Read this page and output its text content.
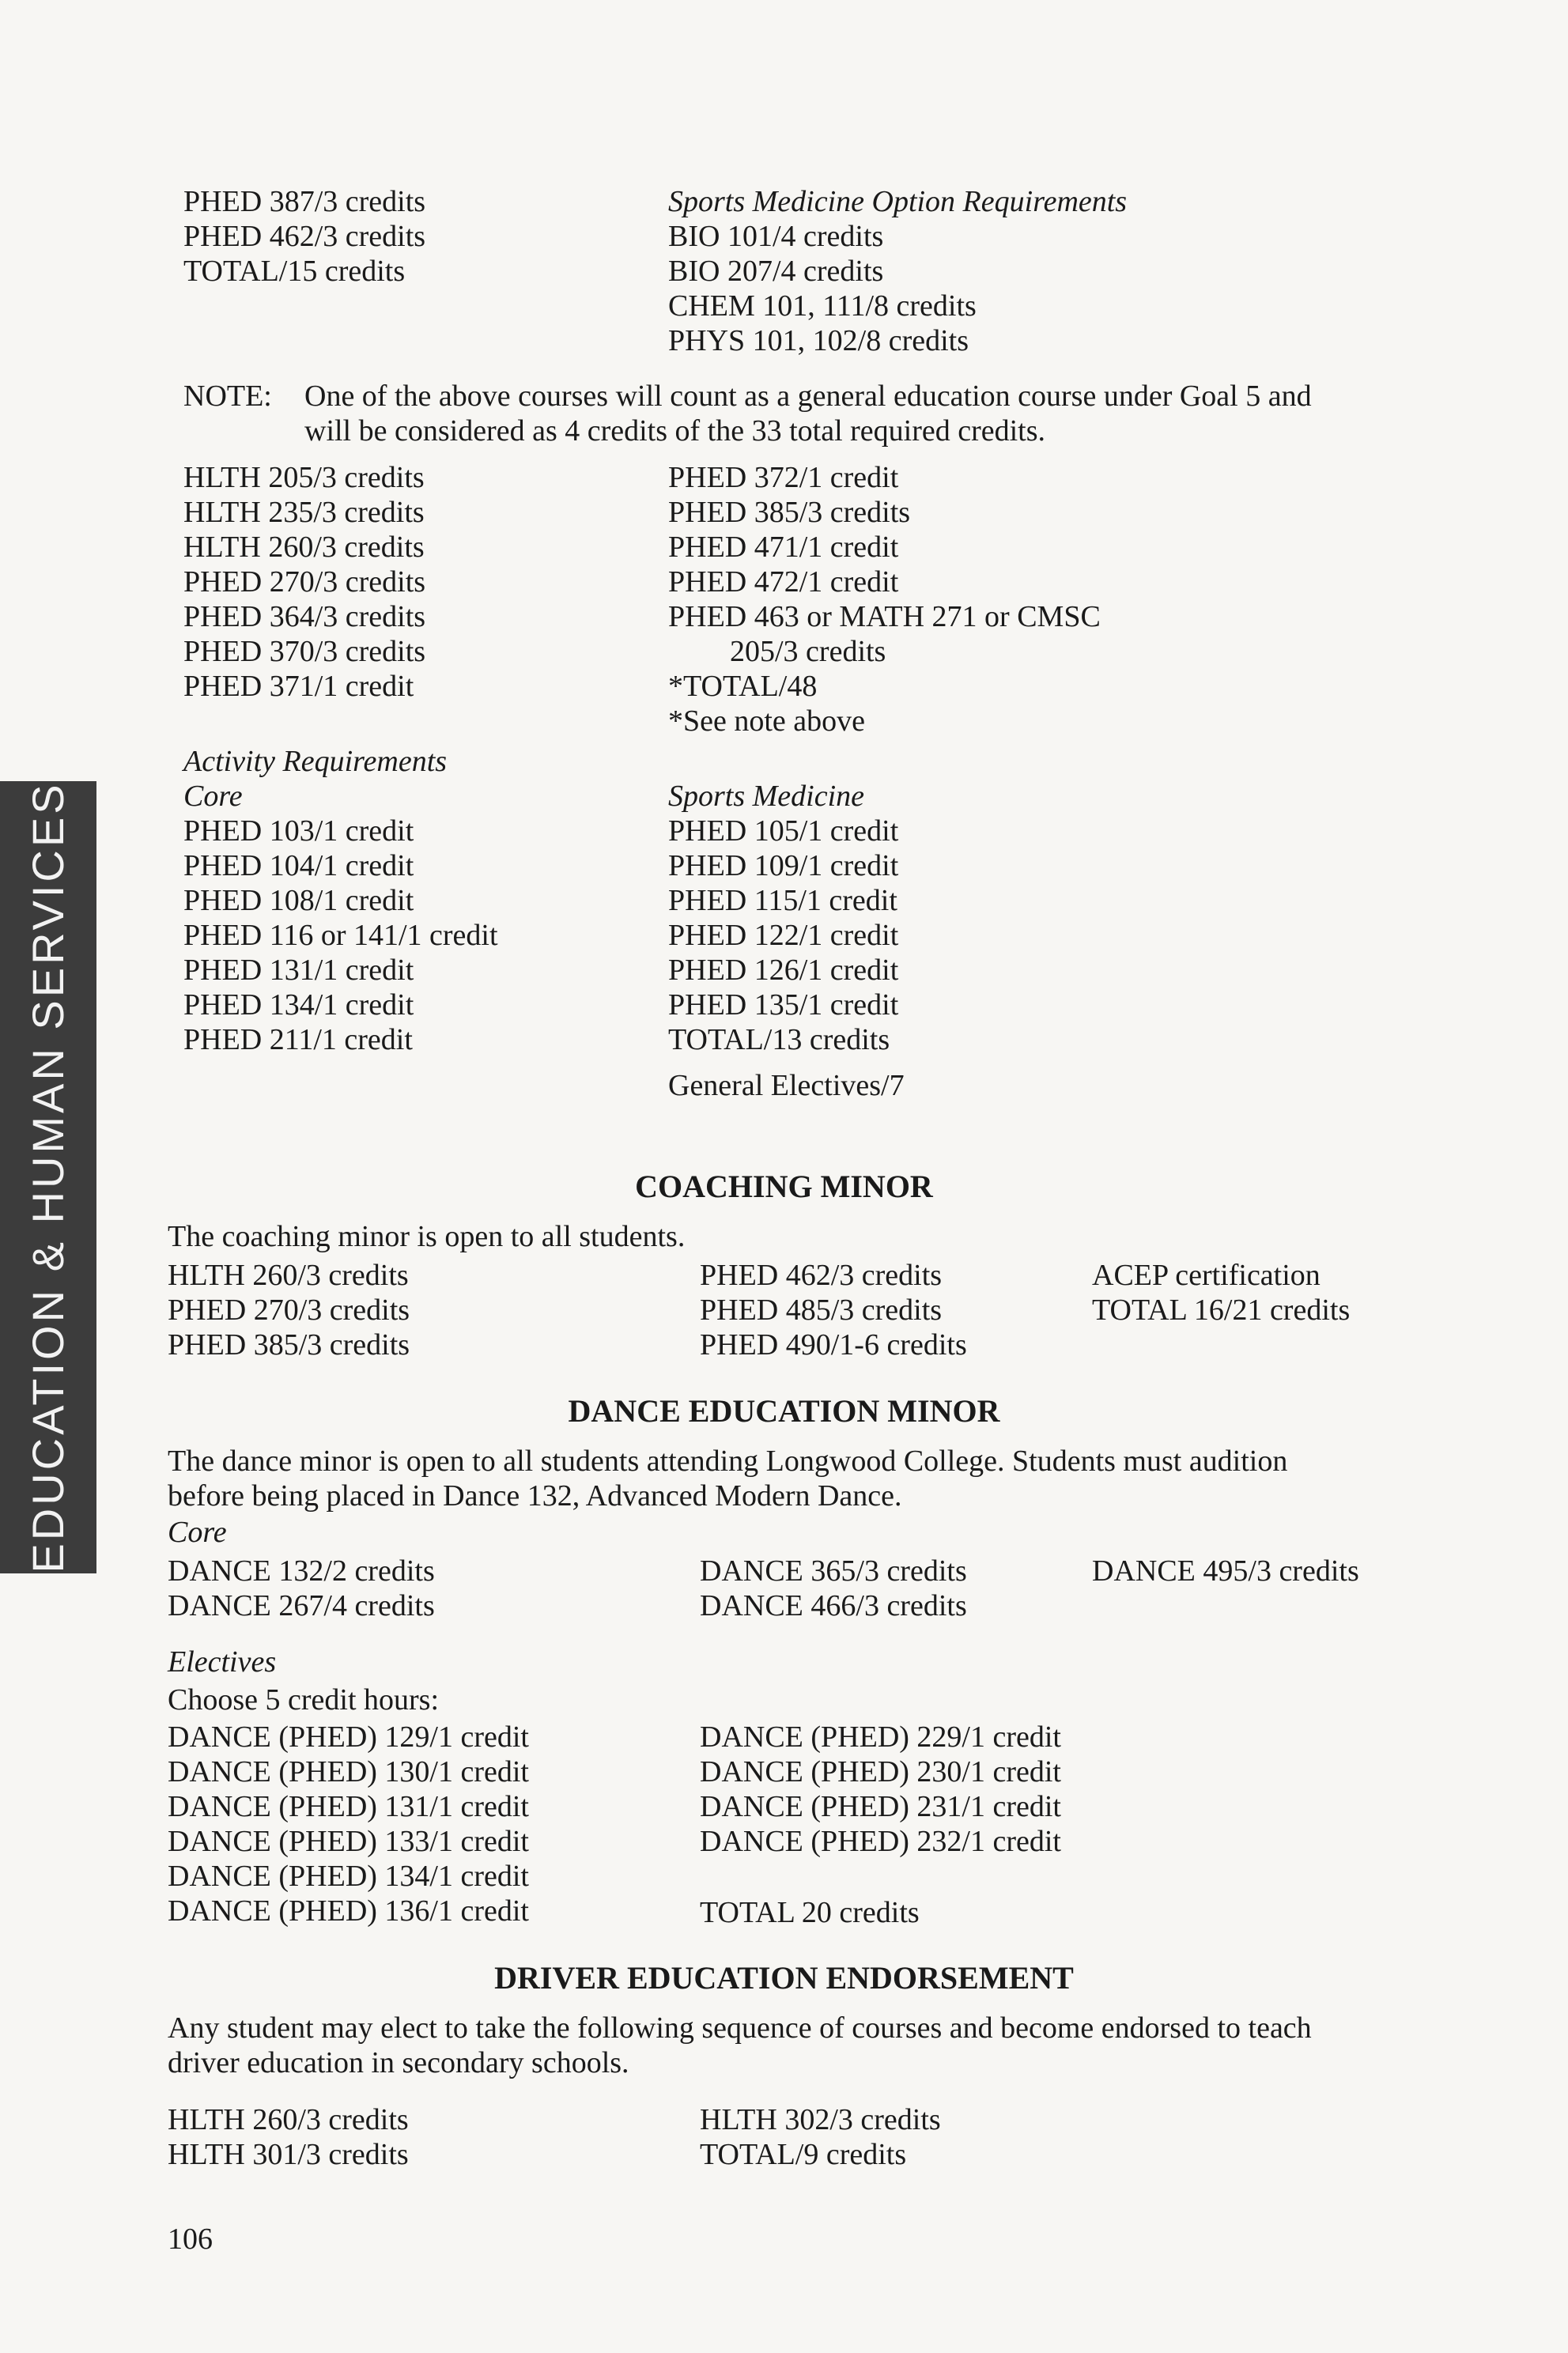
EDUCATION & HUMAN SERVICES
PHED 387/3 credits
PHED 462/3 credits
TOTAL/15 credits
Sports Medicine Option Requirements
BIO 101/4 credits
BIO 207/4 credits
CHEM 101, 111/8 credits
PHYS 101, 102/8 credits
NOTE: One of the above courses will count as a general education course under Goal 5 and
will be considered as 4 credits of the 33 total required credits.
HLTH 205/3 credits
HLTH 235/3 credits
HLTH 260/3 credits
PHED 270/3 credits
PHED 364/3 credits
PHED 370/3 credits
PHED 371/1 credit
PHED 372/1 credit
PHED 385/3 credits
PHED 471/1 credit
PHED 472/1 credit
PHED 463 or MATH 271 or CMSC
205/3 credits
*TOTAL/48
*See note above
Activity Requirements
Core
PHED 103/1 credit
PHED 104/1 credit
PHED 108/1 credit
PHED 116 or 141/1 credit
PHED 131/1 credit
PHED 134/1 credit
PHED 211/1 credit
Sports Medicine
PHED 105/1 credit
PHED 109/1 credit
PHED 115/1 credit
PHED 122/1 credit
PHED 126/1 credit
PHED 135/1 credit
TOTAL/13 credits
General Electives/7
COACHING MINOR
The coaching minor is open to all students.
HLTH 260/3 credits
PHED 270/3 credits
PHED 385/3 credits
PHED 462/3 credits
PHED 485/3 credits
PHED 490/1-6 credits
ACEP certification
TOTAL 16/21 credits
DANCE EDUCATION MINOR
The dance minor is open to all students attending Longwood College. Students must audition
before being placed in Dance 132, Advanced Modern Dance.
Core
DANCE 132/2 credits
DANCE 267/4 credits
DANCE 365/3 credits
DANCE 466/3 credits
DANCE 495/3 credits
Electives
Choose 5 credit hours:
DANCE (PHED) 129/1 credit
DANCE (PHED) 130/1 credit
DANCE (PHED) 131/1 credit
DANCE (PHED) 133/1 credit
DANCE (PHED) 134/1 credit
DANCE (PHED) 136/1 credit
DANCE (PHED) 229/1 credit
DANCE (PHED) 230/1 credit
DANCE (PHED) 231/1 credit
DANCE (PHED) 232/1 credit
TOTAL 20 credits
DRIVER EDUCATION ENDORSEMENT
Any student may elect to take the following sequence of courses and become endorsed to teach
driver education in secondary schools.
HLTH 260/3 credits
HLTH 301/3 credits
HLTH 302/3 credits
TOTAL/9 credits
106
